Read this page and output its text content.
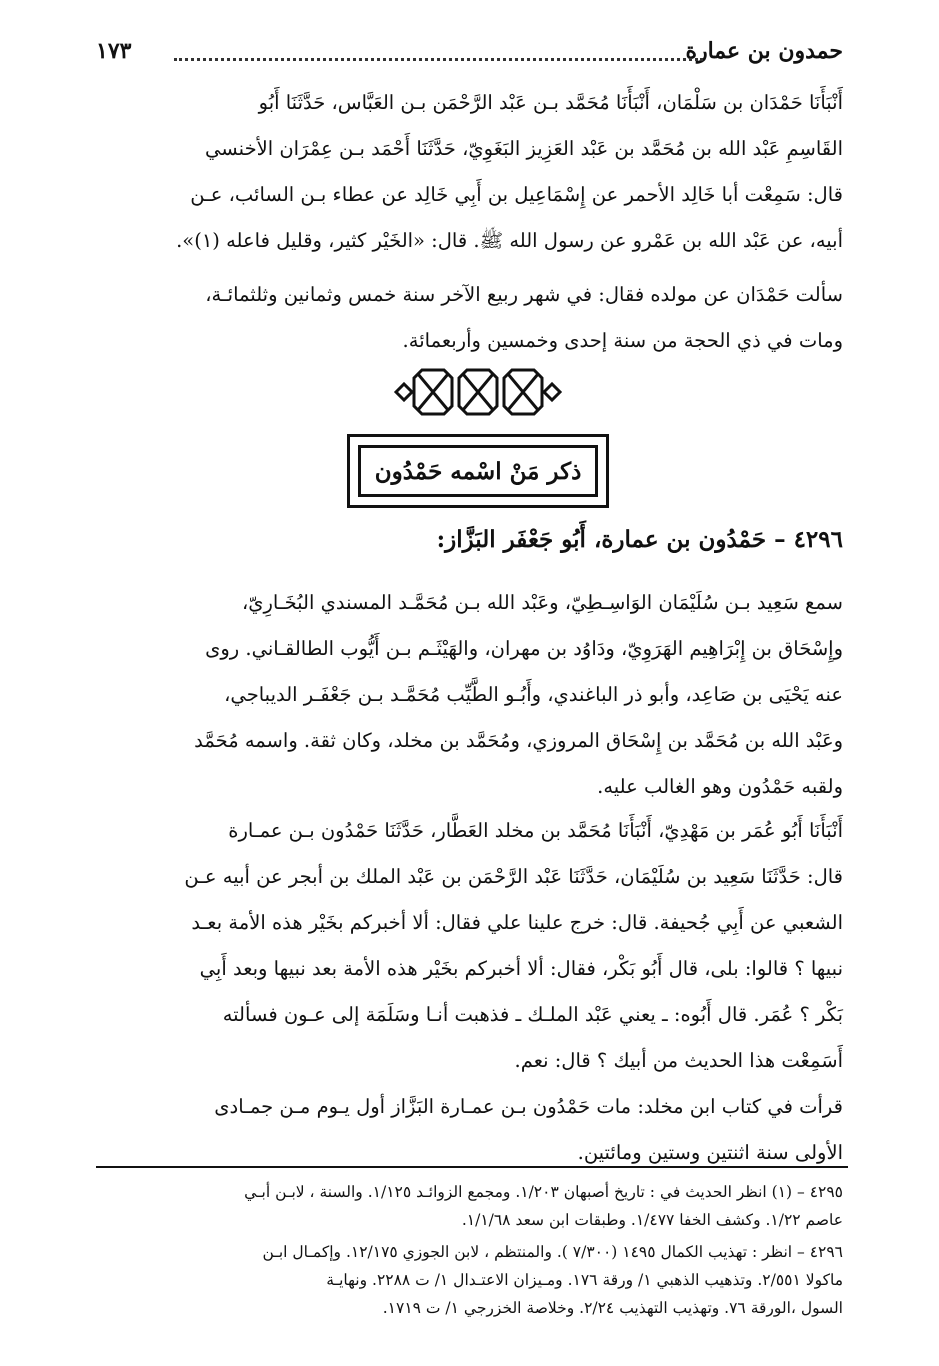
حمدون بن عمارة
١٧٣
أَنْبَأَنَا حَمْدَان بن سَلْمَان، أَنْبَأَنَا مُحَمَّد بـن عَبْد الرَّحْمَن بـن العَبَّاس، حَدَّثَنَا أَبُو
القَاسِمِ عَبْد الله بن مُحَمَّد بن عَبْد العَزِيز البَغَوِيّ، حَدَّثَنَا أَحْمَد بـن عِمْرَان الأخنسي
قال: سَمِعْت أبا خَالِد الأحمر عن إِسْمَاعِيل بن أَبِي خَالِد عن عطاء بـن السائب، عـن
أبيه، عن عَبْد الله بن عَمْرو عن رسول الله ﷺ. قال: «الخَيْر كثير، وقليل فاعله (١)».
سألت حَمْدَان عن مولده فقال: في شهر ربيع الآخر سنة خمس وثمانين وثلثمائـة،
ومات في ذي الحجة من سنة إحدى وخمسين وأربعمائة.
ذكر مَنْ اسْمه حَمْدُون
٤٢٩٦ – حَمْدُون بن عمارة، أَبُو جَعْفَر البَزَّاز:
سمع سَعِيد بـن سُلَيْمَان الوَاسِـطِيّ، وعَبْد الله بـن مُحَمَّـد المسندي البُخَـارِيّ،
وإِسْحَاق بن إِبْرَاهِيم الهَرَوِيّ، ودَاوُد بن مهران، والهَيْثَـم بـن أَيُّوب الطالقـاني. روى
عنه يَحْيَى بن صَاعِد، وأبو ذر الباغندي، وأَبُـو الطَّيِّب مُحَمَّـد بـن جَعْفَـر الديباجي،
وعَبْد الله بن مُحَمَّد بن إِسْحَاق المروزي، ومُحَمَّد بن مخلد، وكان ثقة. واسمه مُحَمَّد
ولقبه حَمْدُون وهو الغالب عليه.
أَنْبَأَنَا أَبُو عُمَر بن مَهْدِيّ، أَنْبَأَنَا مُحَمَّد بن مخلد العَطَّار، حَدَّثَنَا حَمْدُون بـن عمـارة
قال: حَدَّثَنَا سَعِيد بن سُلَيْمَان، حَدَّثَنَا عَبْد الرَّحْمَن بن عَبْد الملك بن أبجر عن أبيه عـن
الشعبي عن أَبِي جُحيفة. قال: خرج علينا علي فقال: ألا أخبركم بخَيْر هذه الأمة بعـد
نبيها ؟ قالوا: بلى، قال أَبُو بَكْر، فقال: ألا أخبركم بخَيْر هذه الأمة بعد نبيها وبعد أَبِي
بَكْر ؟ عُمَر. قال أَبُوه: ـ يعني عَبْد الملـك ـ فذهبت أنـا وسَلَمَة إلى عـون فسألته
أَسَمِعْت هذا الحديث من أبيك ؟ قال: نعم.
قرأت في كتاب ابن مخلد: مات حَمْدُون بـن عمـارة البَزَّاز أول يـوم مـن جمـادى
الأولى سنة اثنتين وستين ومائتين.

٤٢٩٥ – (١) انظر الحديث في : تاريخ أصبهان ١/٢٠٣. ومجمع الزوائـد ١/١٢٥. والسنة ، لابـن أبـي

عاصم ١/٢٢. وكشف الخفا ١/٤٧٧. وطبقات ابن سعد ١/١/٦٨.

٤٢٩٦ – انظر : تهذيب الكمال ١٤٩٥ (٧/٣٠٠ ). والمنتظم ، لابن الجوزي ١٢/١٧٥. وإكمـال ابـن

ماكولا ٢/٥٥١. وتذهيب الذهبي ١/ ورقة ١٧٦. ومـيزان الاعتـدال ١/ ت ٢٢٨٨. ونهايـة

السول ،الورقة ٧٦. وتهذيب التهذيب ٢/٢٤. وخلاصة الخزرجي ١/ ت ١٧١٩.
